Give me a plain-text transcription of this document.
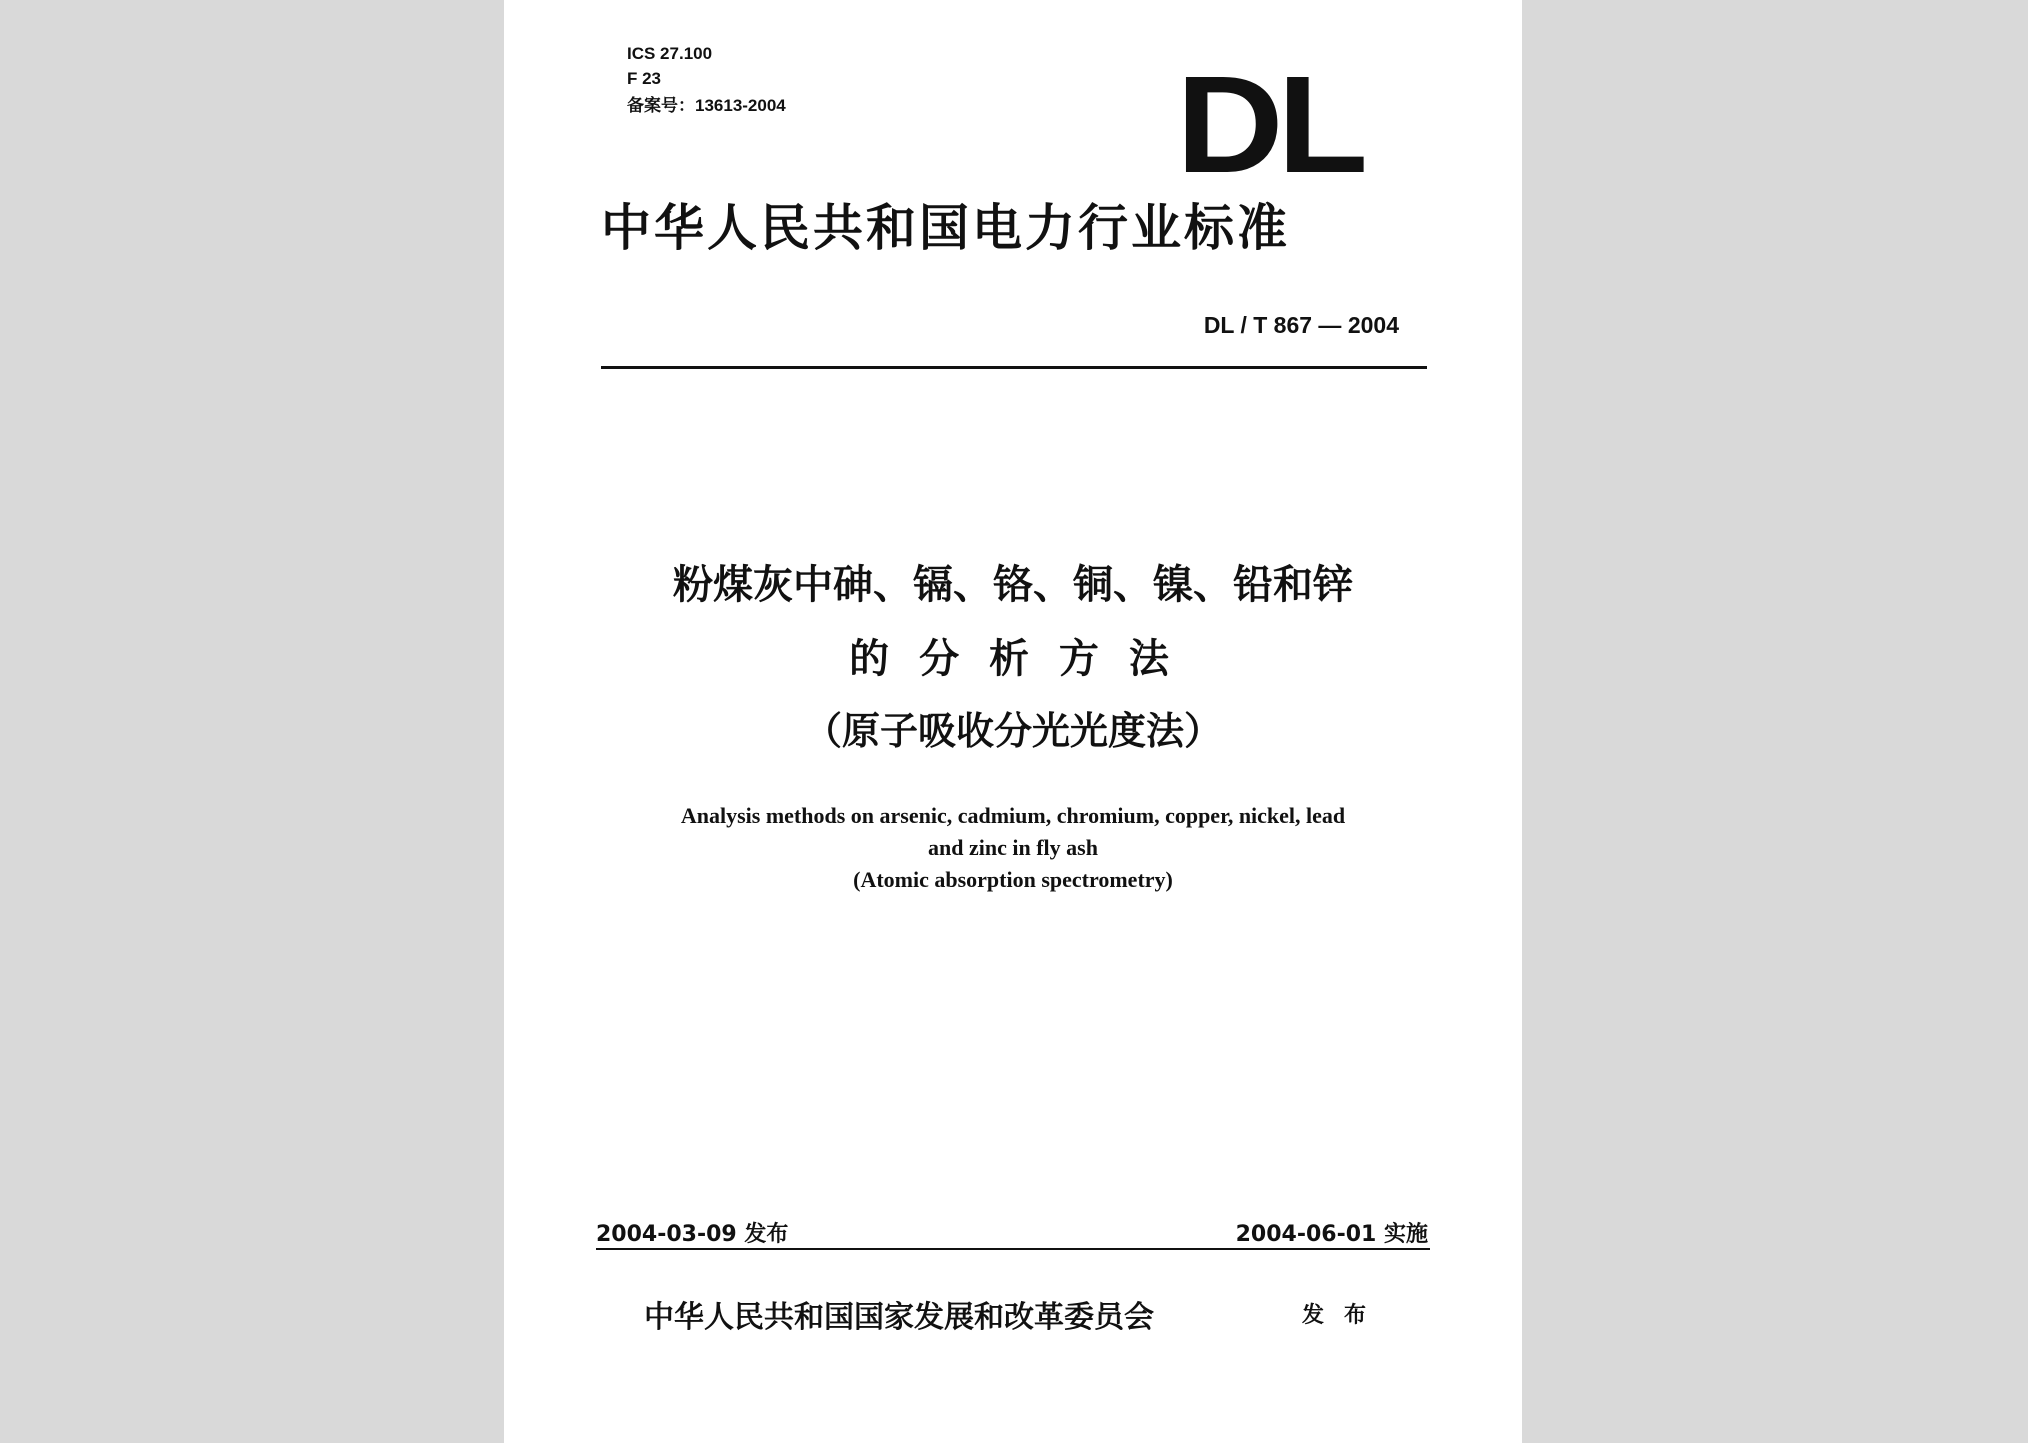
ICS 27.100
F 23
备案号：13613-2004	DL
中华人民共和国电力行业标准
DL / T 867 — 2004
粉煤灰中砷、镉、铬、铜、镍、铅和锌
的 分 析 方 法
（原子吸收分光光度法）
Analysis methods on arsenic, cadmium, chromium, copper, nickel, lead
and zinc in fly ash
(Atomic absorption spectrometry)
2004-03-09 发布	2004-06-01 实施
中华人民共和国国家发展和改革委员会	发布
